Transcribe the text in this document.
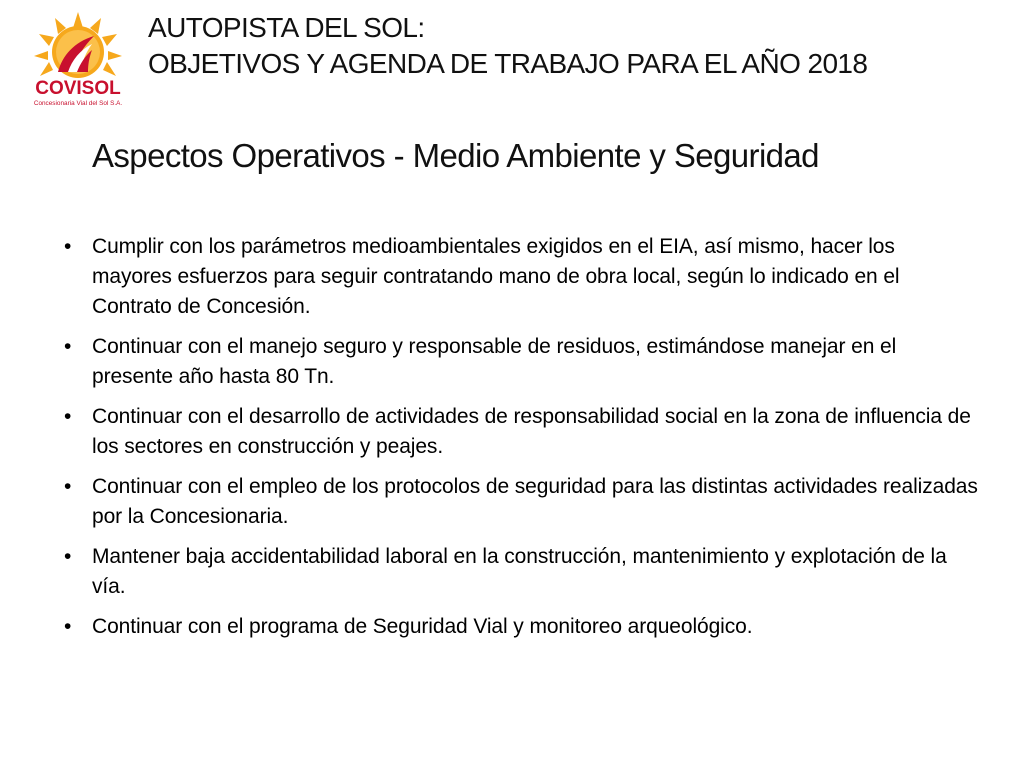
COVISOL
Concesionaria Vial del Sol S.A.
AUTOPISTA DEL SOL:
OBJETIVOS Y AGENDA DE TRABAJO PARA EL AÑO 2018
Aspectos Operativos - Medio Ambiente y Seguridad
• Cumplir con los parámetros medioambientales exigidos en el EIA, así mismo, hacer los mayores esfuerzos para seguir contratando mano de obra local, según lo indicado en el Contrato de Concesión.
• Continuar con el manejo seguro y responsable de residuos, estimándose manejar en el presente año hasta 80 Tn.
• Continuar con el desarrollo de actividades de responsabilidad social en la zona de influencia de los sectores en construcción y peajes.
• Continuar con el empleo de los protocolos de seguridad para las distintas actividades realizadas por la Concesionaria.
• Mantener baja accidentabilidad laboral en la construcción, mantenimiento y explotación de la vía.
• Continuar con el programa de Seguridad Vial y monitoreo arqueológico.
